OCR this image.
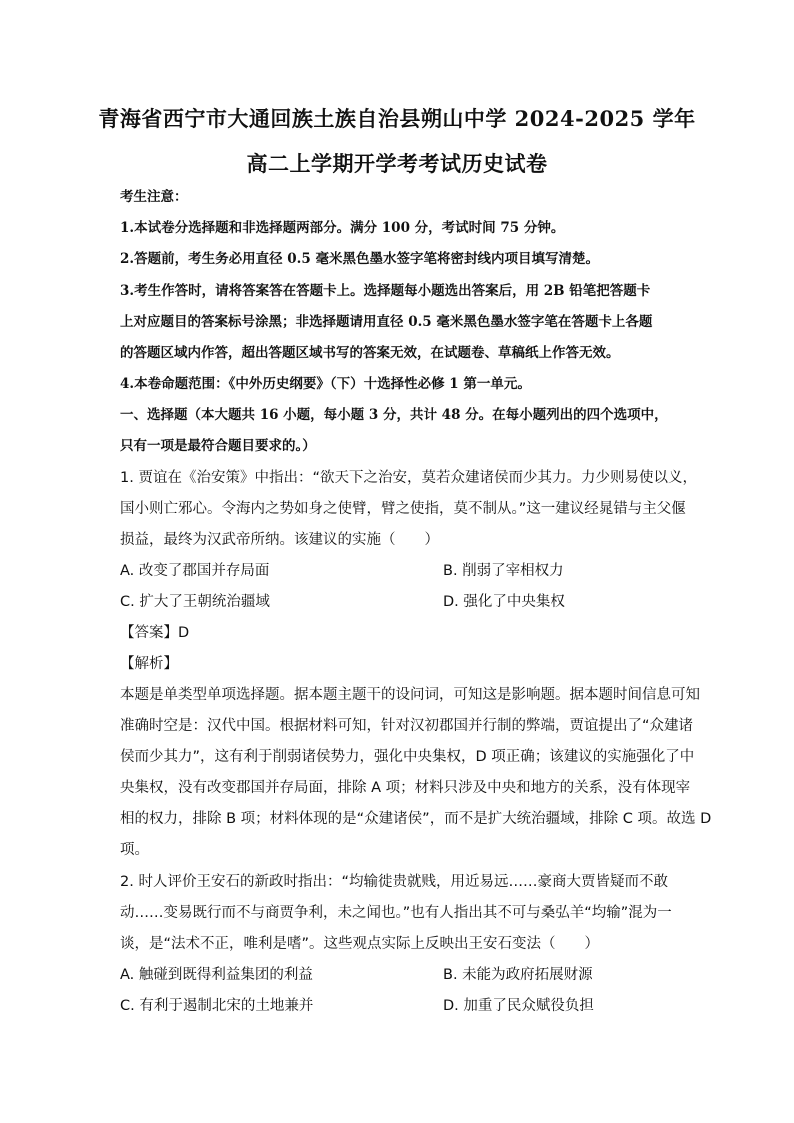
青海省西宁市大通回族土族自治县朔山中学 2024-2025 学年
高二上学期开学考考试历史试卷
考生注意：
1.本试卷分选择题和非选择题两部分。满分 100 分，考试时间 75 分钟。
2.答题前，考生务必用直径 0.5 毫米黑色墨水签字笔将密封线内项目填写清楚。
3.考生作答时，请将答案答在答题卡上。选择题每小题选出答案后，用 2B 铅笔把答题卡
上对应题目的答案标号涂黑；非选择题请用直径 0.5 毫米黑色墨水签字笔在答题卡上各题
的答题区域内作答，超出答题区域书写的答案无效，在试题卷、草稿纸上作答无效。
4.本卷命题范围：《中外历史纲要》（下）十选择性必修 1 第一单元。
一、选择题（本大题共 16 小题，每小题 3 分，共计 48 分。在每小题列出的四个选项中，
只有一项是最符合题目要求的。）
1. 贾谊在《治安策》中指出：“欲天下之治安，莫若众建诸侯而少其力。力少则易使以义，
国小则亡邪心。令海内之势如身之使臂，臂之使指，莫不制从。”这一建议经晁错与主父偃
损益，最终为汉武帝所纳。该建议的实施（　　）
A. 改变了郡国并存局面	B. 削弱了宰相权力
C. 扩大了王朝统治疆域	D. 强化了中央集权
【答案】D
【解析】
本题是单类型单项选择题。据本题主题干的设问词，可知这是影响题。据本题时间信息可知
准确时空是：汉代中国。根据材料可知，针对汉初郡国并行制的弊端，贾谊提出了“众建诸
侯而少其力”，这有利于削弱诸侯势力，强化中央集权，D 项正确；该建议的实施强化了中
央集权，没有改变郡国并存局面，排除 A 项；材料只涉及中央和地方的关系，没有体现宰
相的权力，排除 B 项；材料体现的是“众建诸侯”，而不是扩大统治疆域，排除 C 项。故选 D
项。
2. 时人评价王安石的新政时指出：“均输徙贵就贱，用近易远……豪商大贾皆疑而不敢
动……变易既行而不与商贾争利，未之闻也。”也有人指出其不可与桑弘羊“均输”混为一
谈，是“法术不正，唯利是嗜”。这些观点实际上反映出王安石变法（　　）
A. 触碰到既得利益集团的利益	B. 未能为政府拓展财源
C. 有利于遏制北宋的土地兼并	D. 加重了民众赋役负担
